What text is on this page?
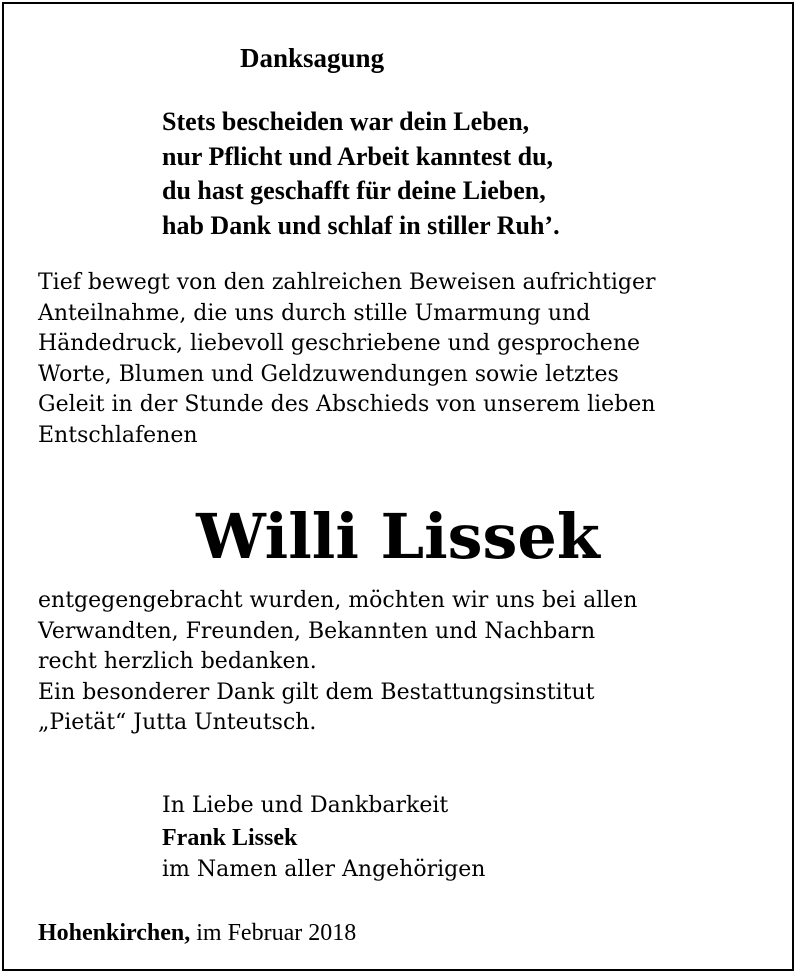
Danksagung
Stets bescheiden war dein Leben,
nur Pflicht und Arbeit kanntest du,
du hast geschafft für deine Lieben,
hab Dank und schlaf in stiller Ruh’.
Tief bewegt von den zahlreichen Beweisen aufrichtiger
Anteilnahme, die uns durch stille Umarmung und
Händedruck, liebevoll geschriebene und gesprochene
Worte, Blumen und Geldzuwendungen sowie letztes
Geleit in der Stunde des Abschieds von unserem lieben
Entschlafenen
Willi Lissek
entgegengebracht wurden, möchten wir uns bei allen
Verwandten, Freunden, Bekannten und Nachbarn
recht herzlich bedanken.
Ein besonderer Dank gilt dem Bestattungsinstitut
„Pietät“ Jutta Unteutsch.
In Liebe und Dankbarkeit
Frank Lissek
im Namen aller Angehörigen
Hohenkirchen, im Februar 2018
